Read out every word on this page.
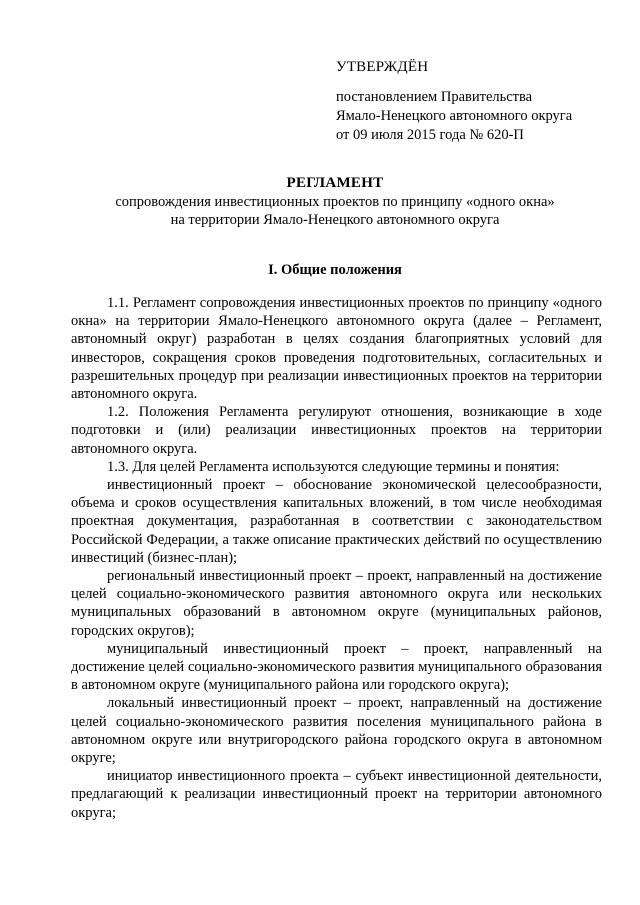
УТВЕРЖДЁН
постановлением Правительства
Ямало-Ненецкого автономного округа
от 09 июля 2015 года № 620-П
РЕГЛАМЕНТ
сопровождения инвестиционных проектов по принципу «одного окна»
на территории Ямало-Ненецкого автономного округа
I. Общие положения

1.1. Регламент сопровождения инвестиционных проектов по принципу «одного окна» на территории Ямало-Ненецкого автономного округа (далее – Регламент, автономный округ) разработан в целях создания благоприятных условий для инвесторов, сокращения сроков проведения подготовительных, согласительных и разрешительных процедур при реализации инвестиционных проектов на территории автономного округа.

1.2. Положения Регламента регулируют отношения, возникающие в ходе подготовки и (или) реализации инвестиционных проектов на территории автономного округа.

1.3. Для целей Регламента используются следующие термины и понятия:

инвестиционный проект – обоснование экономической целесообразности, объема и сроков осуществления капитальных вложений, в том числе необходимая проектная документация, разработанная в соответствии с законодательством Российской Федерации, а также описание практических действий по осуществлению инвестиций (бизнес-план);

региональный инвестиционный проект – проект, направленный на достижение целей социально-экономического развития автономного округа или нескольких муниципальных образований в автономном округе (муниципальных районов, городских округов);

муниципальный инвестиционный проект – проект, направленный на достижение целей социально-экономического развития муниципального образования в автономном округе (муниципального района или городского округа);

локальный инвестиционный проект – проект, направленный на достижение целей социально-экономического развития поселения муниципального района в автономном округе или внутригородского района городского округа в автономном округе;

инициатор инвестиционного проекта – субъект инвестиционной деятельности, предлагающий к реализации инвестиционный проект на территории автономного округа;
